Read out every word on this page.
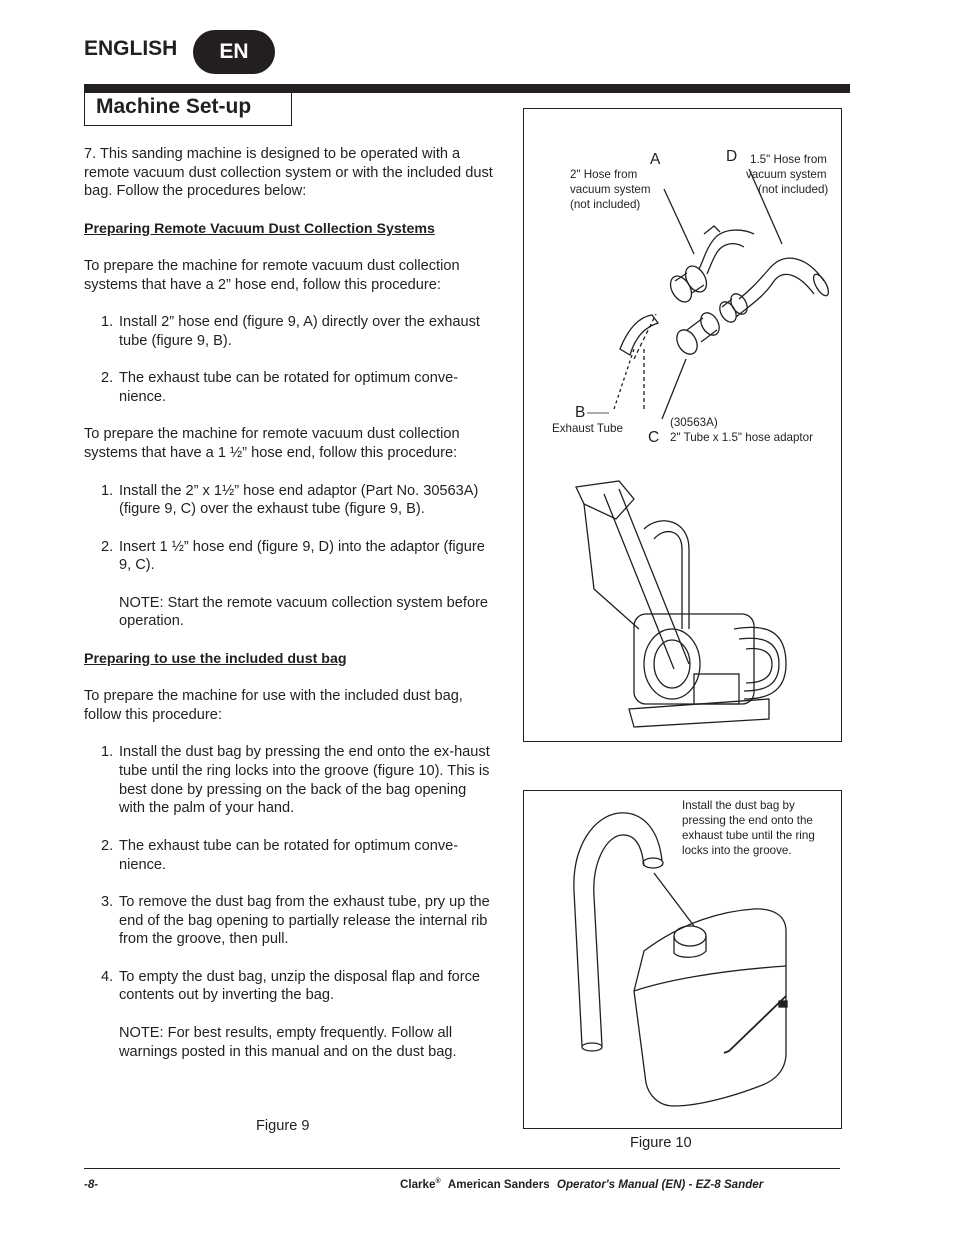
ENGLISH	EN
Machine Set-up

7. This sanding machine is designed to be operated with a remote vacuum dust collection system or with the included dust bag. Follow the procedures below:

Preparing Remote Vacuum Dust Collection Systems

To prepare the machine for remote vacuum dust collection systems that have a 2” hose end, follow this procedure:

1. Install 2” hose end (figure 9, A) directly over the exhaust tube (figure 9, B).

2. The exhaust tube can be rotated for optimum conve-nience.

To prepare the machine for remote vacuum dust collection systems that have a 1 ½” hose end, follow this procedure:

1. Install the 2” x 1½” hose end adaptor (Part No. 30563A) (figure 9, C) over the exhaust tube (figure 9, B).

2. Insert 1 ½” hose end (figure 9, D) into the adaptor (figure 9, C).

NOTE: Start the remote vacuum collection system before operation.

Preparing to use the included dust bag

To prepare the machine for use with the included dust bag, follow this procedure:

1. Install the dust bag by pressing the end onto the ex-haust tube until the ring locks into the groove (figure 10). This is best done by pressing on the back of the bag opening with the palm of your hand.

2. The exhaust tube can be rotated for optimum conve-nience.

3. To remove the dust bag from the exhaust tube, pry up the end of the bag opening to partially release the internal rib from the groove, then pull.

4. To empty the dust bag, unzip the disposal flap and force contents out by inverting the bag.

NOTE: For best results, empty frequently. Follow all warnings posted in this manual and on the dust bag.

A
2" Hose from
vacuum system
(not included)
D 1.5" Hose from
vacuum system
(not included)
B
Exhaust Tube	(30563A)
C 2" Tube x 1.5" hose adaptor
Figure 9
Install the dust bag by
pressing the end onto the
exhaust tube until the ring
locks into the groove.
Figure 10
-8-	Clarke® American Sanders Operator's Manual (EN) - EZ-8 Sander
